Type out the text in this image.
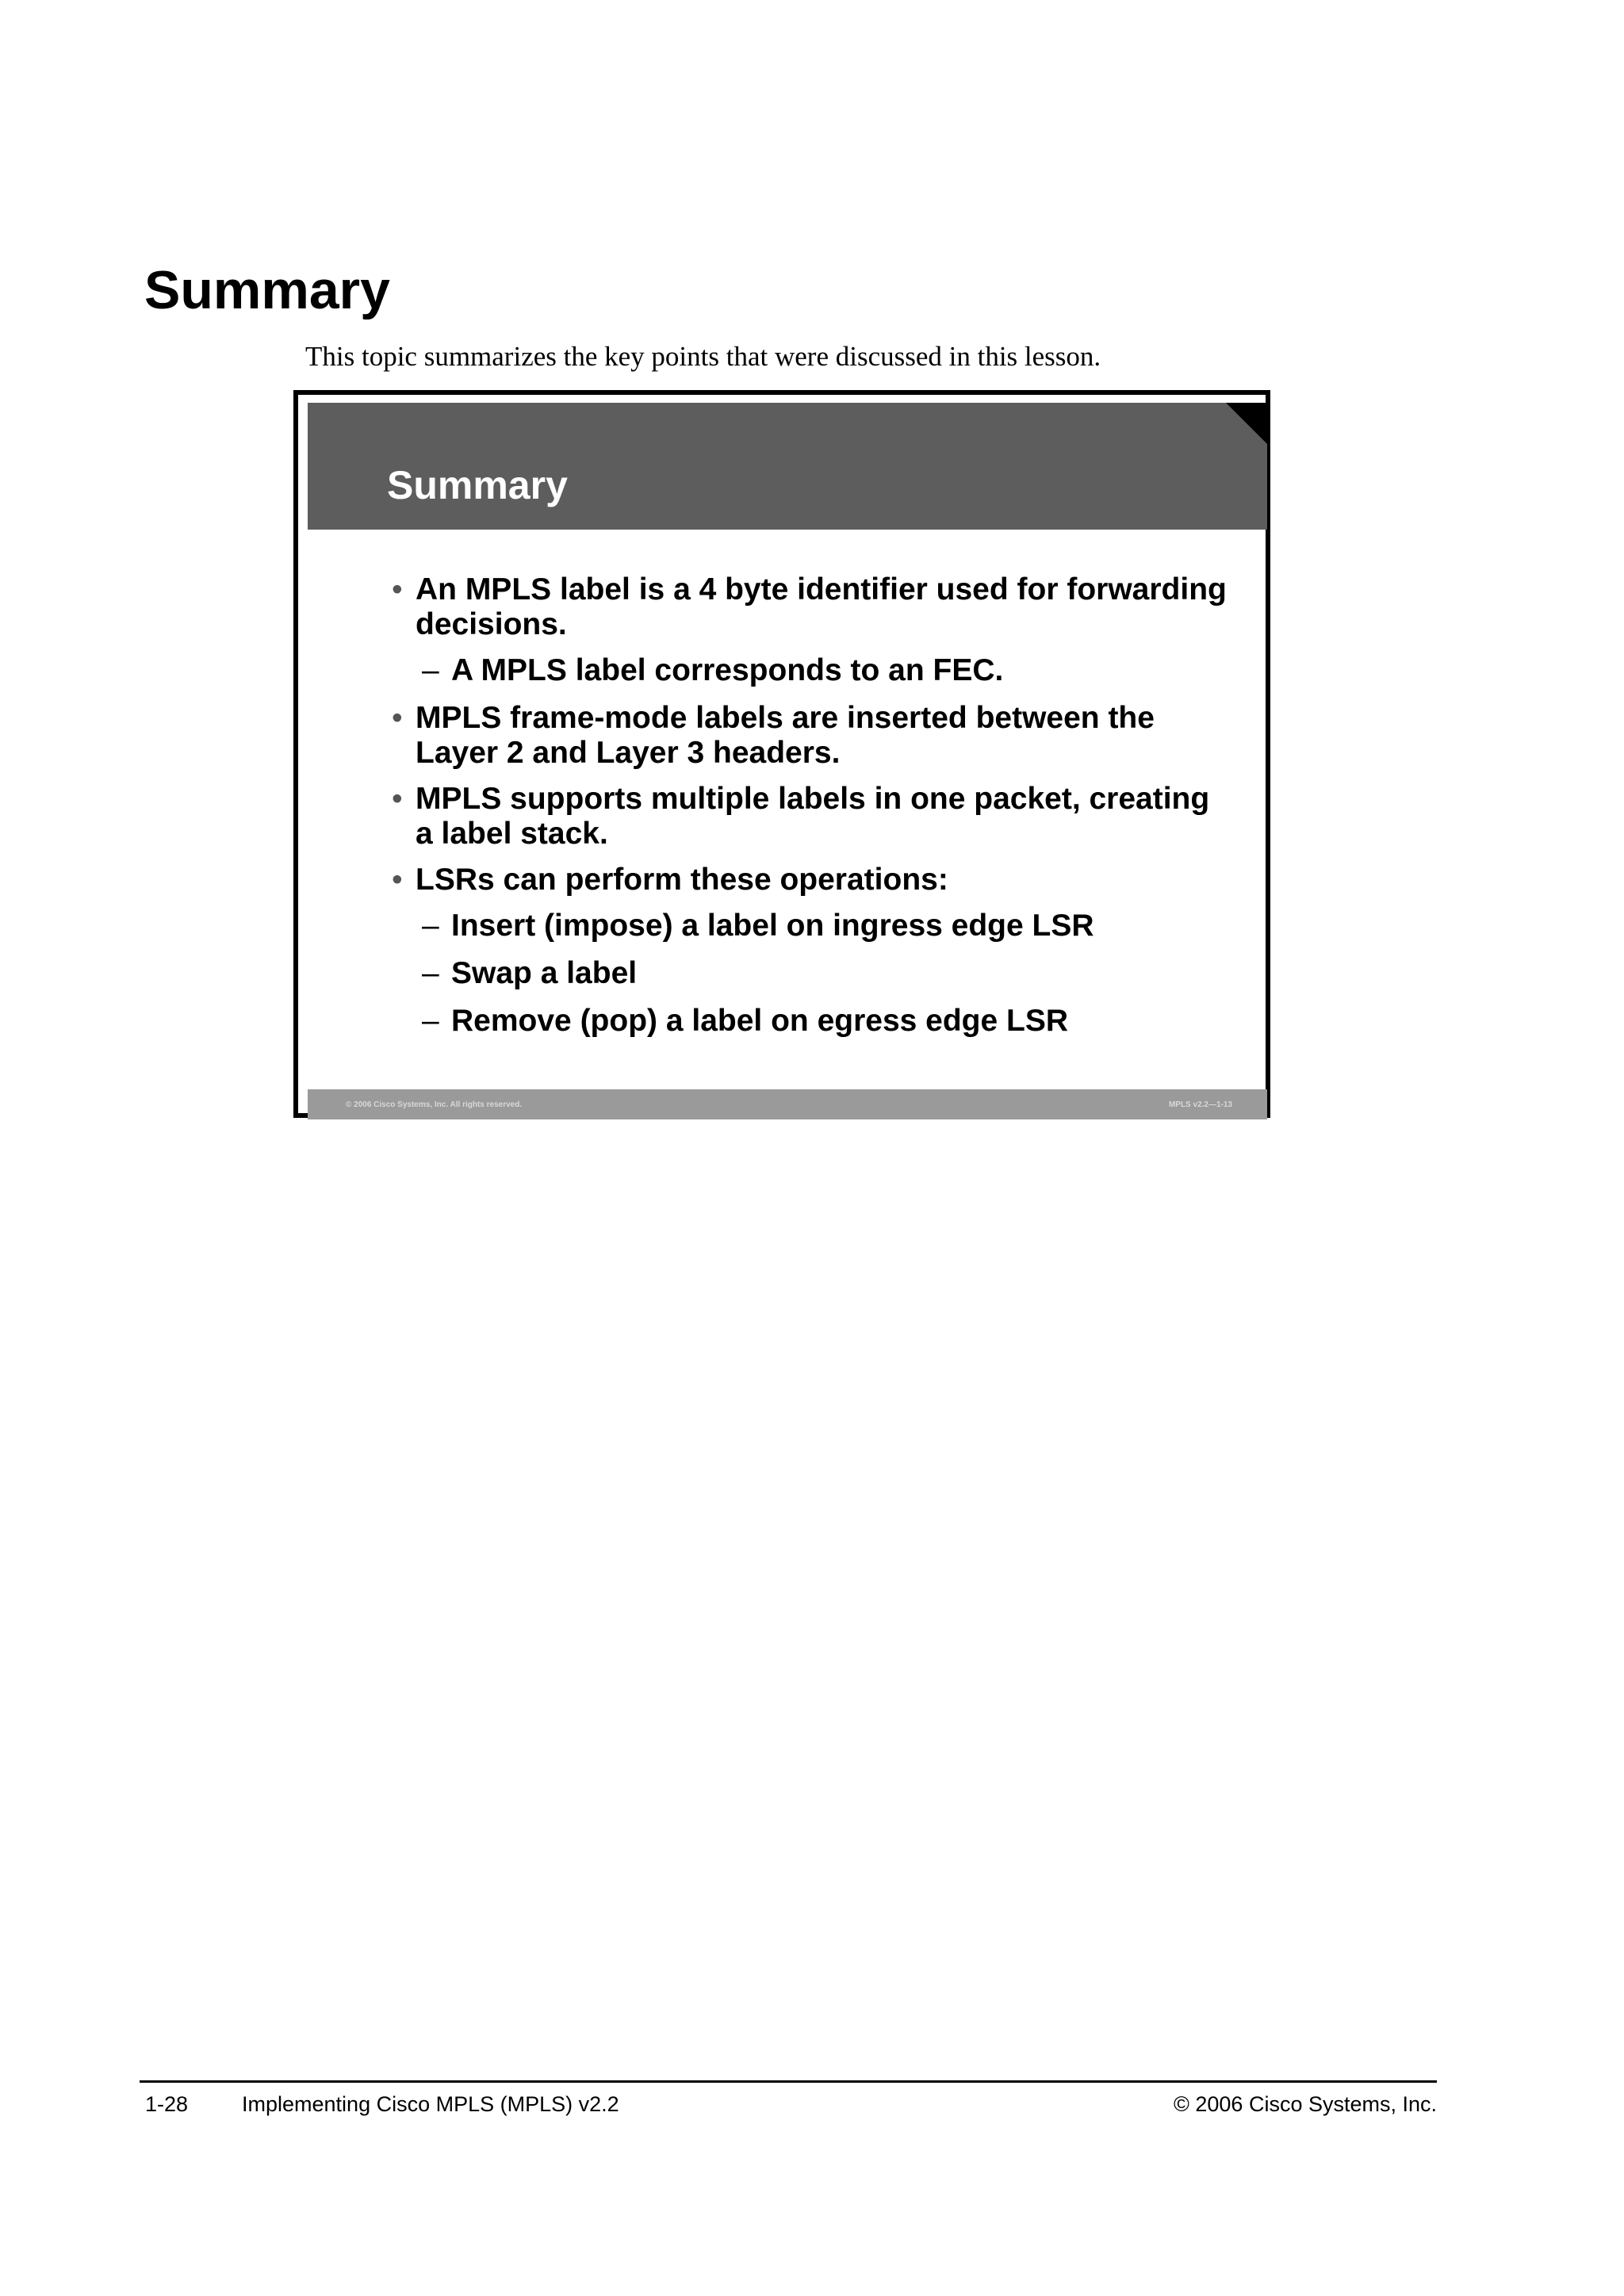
Summary

This topic summarizes the key points that were discussed in this lesson.

Summary
• An MPLS label is a 4 byte identifier used for forwarding decisions.
– A MPLS label corresponds to an FEC.
• MPLS frame-mode labels are inserted between the Layer 2 and Layer 3 headers.
• MPLS supports multiple labels in one packet, creating a label stack.
• LSRs can perform these operations:
– Insert (impose) a label on ingress edge LSR
– Swap a label
– Remove (pop) a label on egress edge LSR
© 2006 Cisco Systems, Inc. All rights reserved.	MPLS v2.2—1-13
1-28	Implementing Cisco MPLS (MPLS) v2.2	© 2006 Cisco Systems, Inc.
